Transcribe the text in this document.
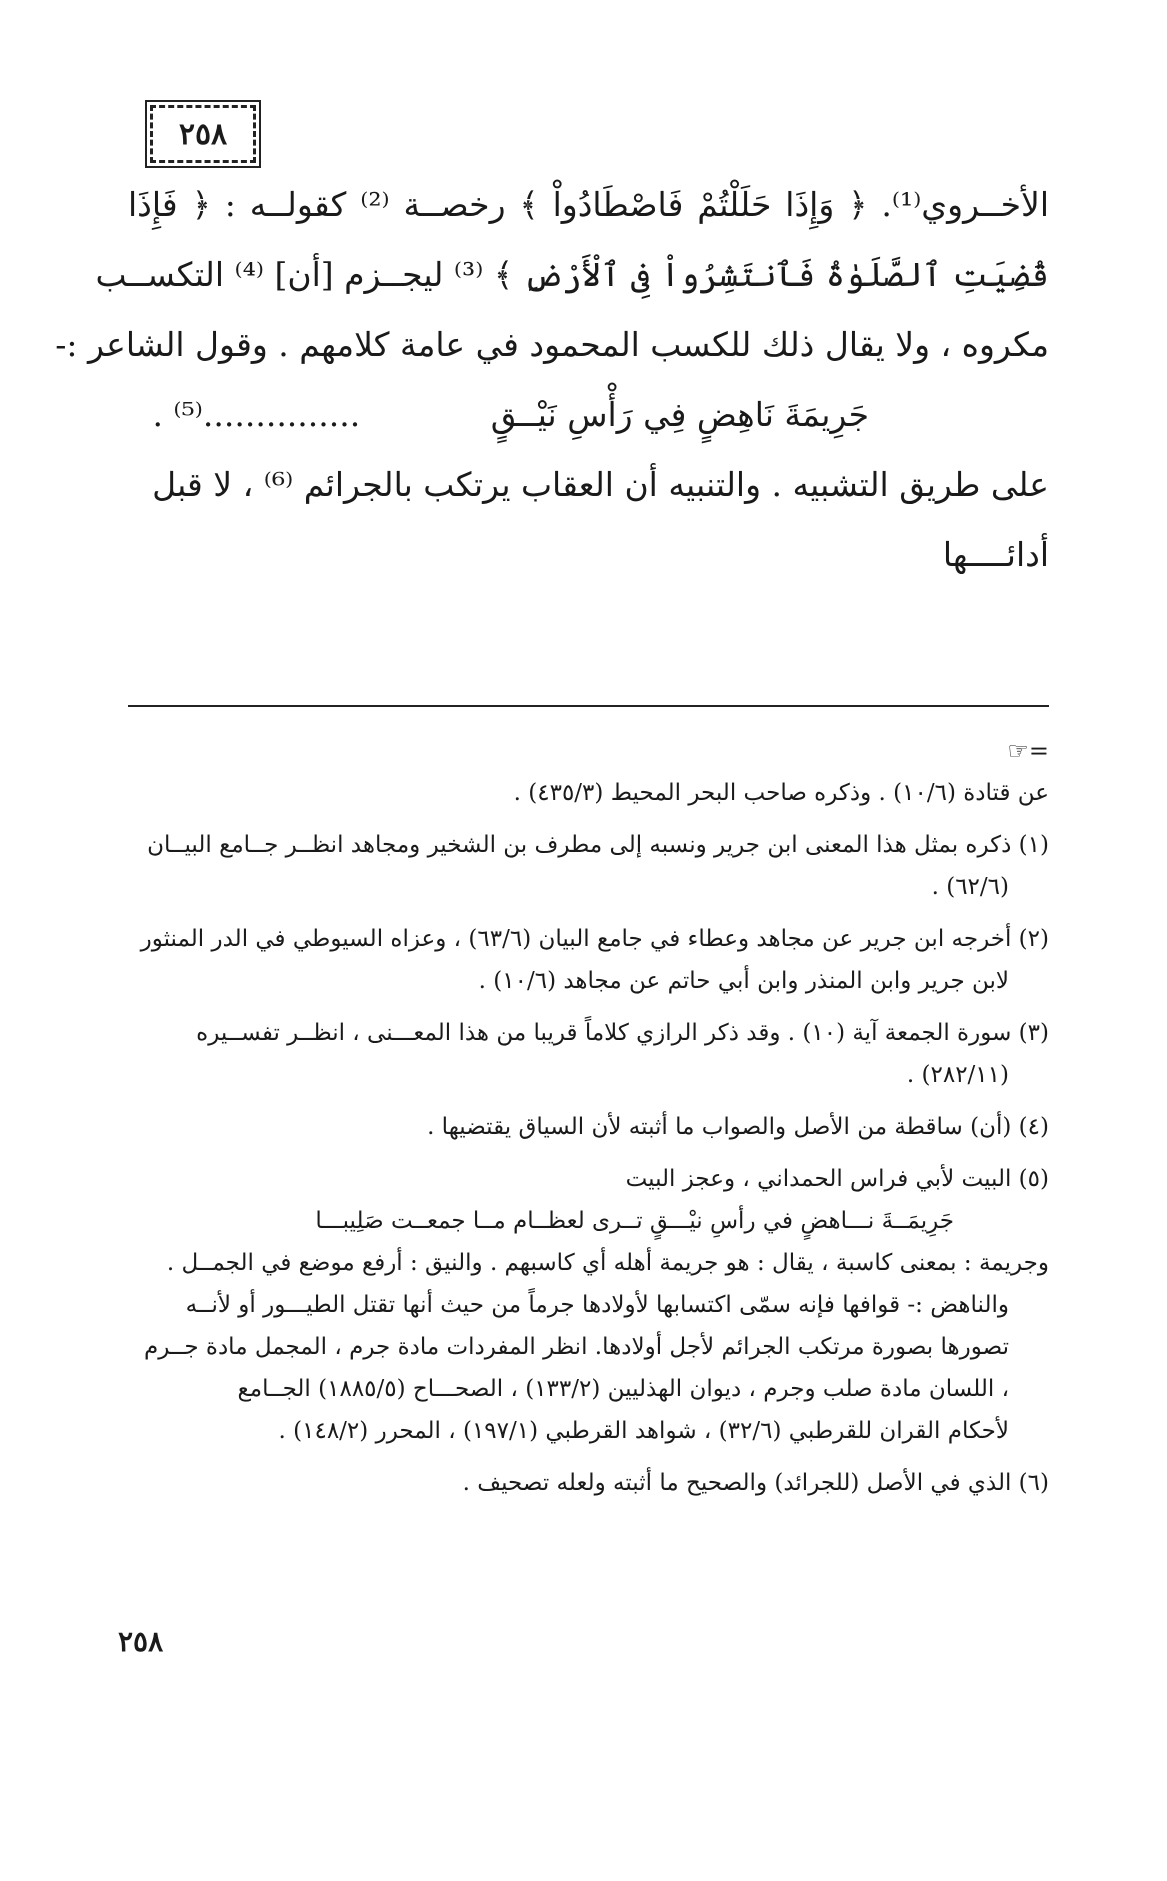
٢٥٨
الأخــروي⁽¹⁾. ﴿ وَإِذَا حَلَلْتُمْ فَاصْطَادُواْ ﴾ رخصــة ⁽²⁾ كقولــه : ﴿ فَإِذَا
قُضِيَتِ ٱلصَّلَوٰةُ فَٱنتَشِرُواْ فِى ٱلْأَرْضِ ﴾ ⁽³⁾ ليجــزم [أن] ⁽⁴⁾ التكســب
مكروه ، ولا يقال ذلك للكسب المحمود في عامة كلامهم . وقول الشاعر :-
جَرِيمَةَ نَاهِضٍ فِي رَأْسِ نَيْــقٍ ...............⁽⁵⁾ .
على طريق التشبيه . والتنبيه أن العقاب يرتكب بالجرائم ⁽⁶⁾ ، لا قبل أدائــــها
=☞
عن قتادة (١٠/٦) . وذكره صاحب البحر المحيط (٤٣٥/٣) .
(١) ذكره بمثل هذا المعنى ابن جرير ونسبه إلى مطرف بن الشخير ومجاهد انظــر جــامع البيــان
(٦٢/٦) .
(٢) أخرجه ابن جرير عن مجاهد وعطاء في جامع البيان (٦٣/٦) ، وعزاه السيوطي في الدر المنثور
لابن جرير وابن المنذر وابن أبي حاتم عن مجاهد (١٠/٦) .
(٣) سورة الجمعة آية (١٠) . وقد ذكر الرازي كلاماً قريبا من هذا المعـــنى ، انظــر تفســيره
(٢٨٢/١١) .
(٤) (أن) ساقطة من الأصل والصواب ما أثبته لأن السياق يقتضيها .
(٥) البيت لأبي فراس الحمداني ، وعجز البيت
جَرِيمَــةَ نـــاهضٍ في رأسِ نيْـــقٍ تــرى لعظــام مــا جمعــت صَلِيبـــا
وجريمة : بمعنى كاسبة ، يقال : هو جريمة أهله أي كاسبهم . والنيق : أرفع موضع في الجمــل .
والناهض :- قوافها فإنه سمّى اكتسابها لأولادها جرماً من حيث أنها تقتل الطيـــور أو لأنــه
تصورها بصورة مرتكب الجرائم لأجل أولادها. انظر المفردات مادة جرم ، المجمل مادة جــرم
، اللسان مادة صلب وجرم ، ديوان الهذليين (١٣٣/٢) ، الصحـــاح (١٨٨٥/٥) الجــامع
لأحكام القران للقرطبي (٣٢/٦) ، شواهد القرطبي (١٩٧/١) ، المحرر (١٤٨/٢) .
(٦) الذي في الأصل (للجرائد) والصحيح ما أثبته ولعله تصحيف .
٢٥٨
